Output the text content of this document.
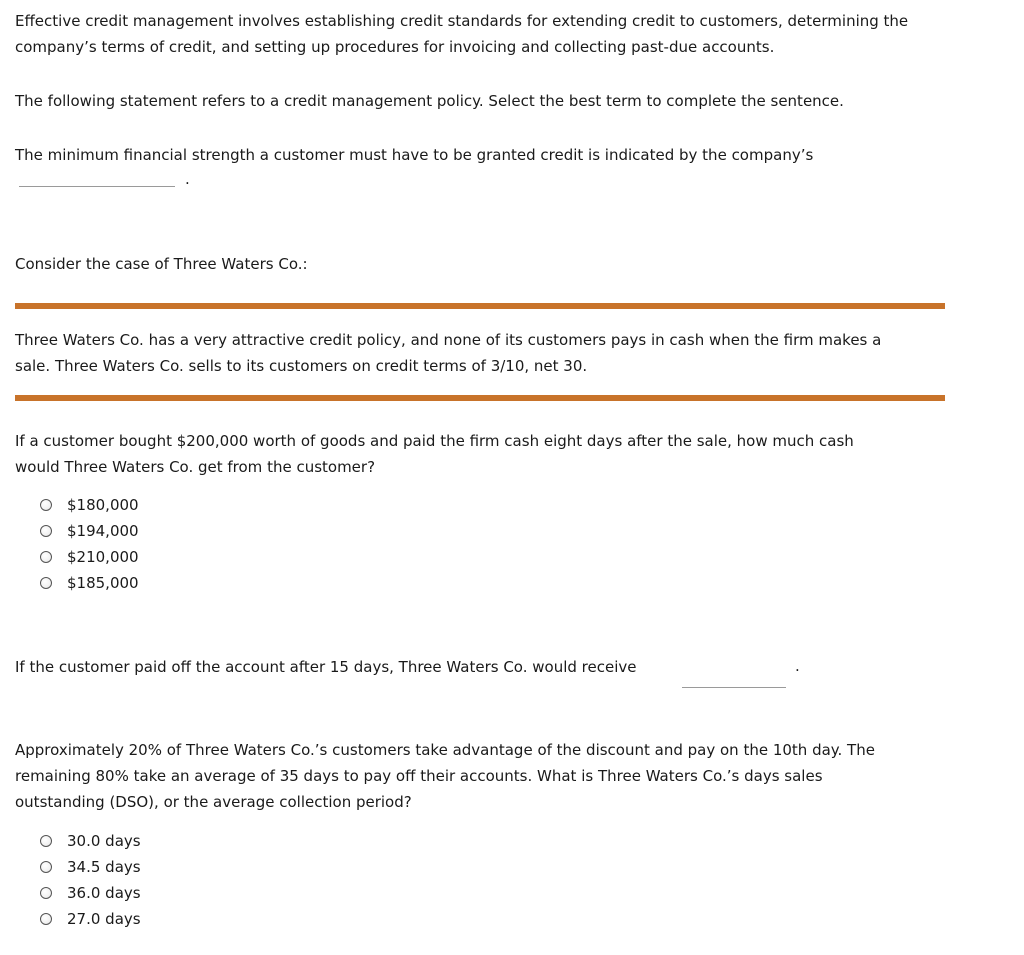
Effective credit management involves establishing credit standards for extending credit to customers, determining the

company’s terms of credit, and setting up procedures for invoicing and collecting past-due accounts.

The following statement refers to a credit management policy. Select the best term to complete the sentence.

The minimum financial strength a customer must have to be granted credit is indicated by the company’s

.

Consider the case of Three Waters Co.:

Three Waters Co. has a very attractive credit policy, and none of its customers pays in cash when the firm makes a

sale. Three Waters Co. sells to its customers on credit terms of 3/10, net 30.

If a customer bought $200,000 worth of goods and paid the firm cash eight days after the sale, how much cash

would Three Waters Co. get from the customer?

$180,000
$194,000
$210,000
$185,000

If the customer paid off the account after 15 days, Three Waters Co. would receive	.

Approximately 20% of Three Waters Co.’s customers take advantage of the discount and pay on the 10th day. The

remaining 80% take an average of 35 days to pay off their accounts. What is Three Waters Co.’s days sales

outstanding (DSO), or the average collection period?

30.0 days
34.5 days
36.0 days
27.0 days
